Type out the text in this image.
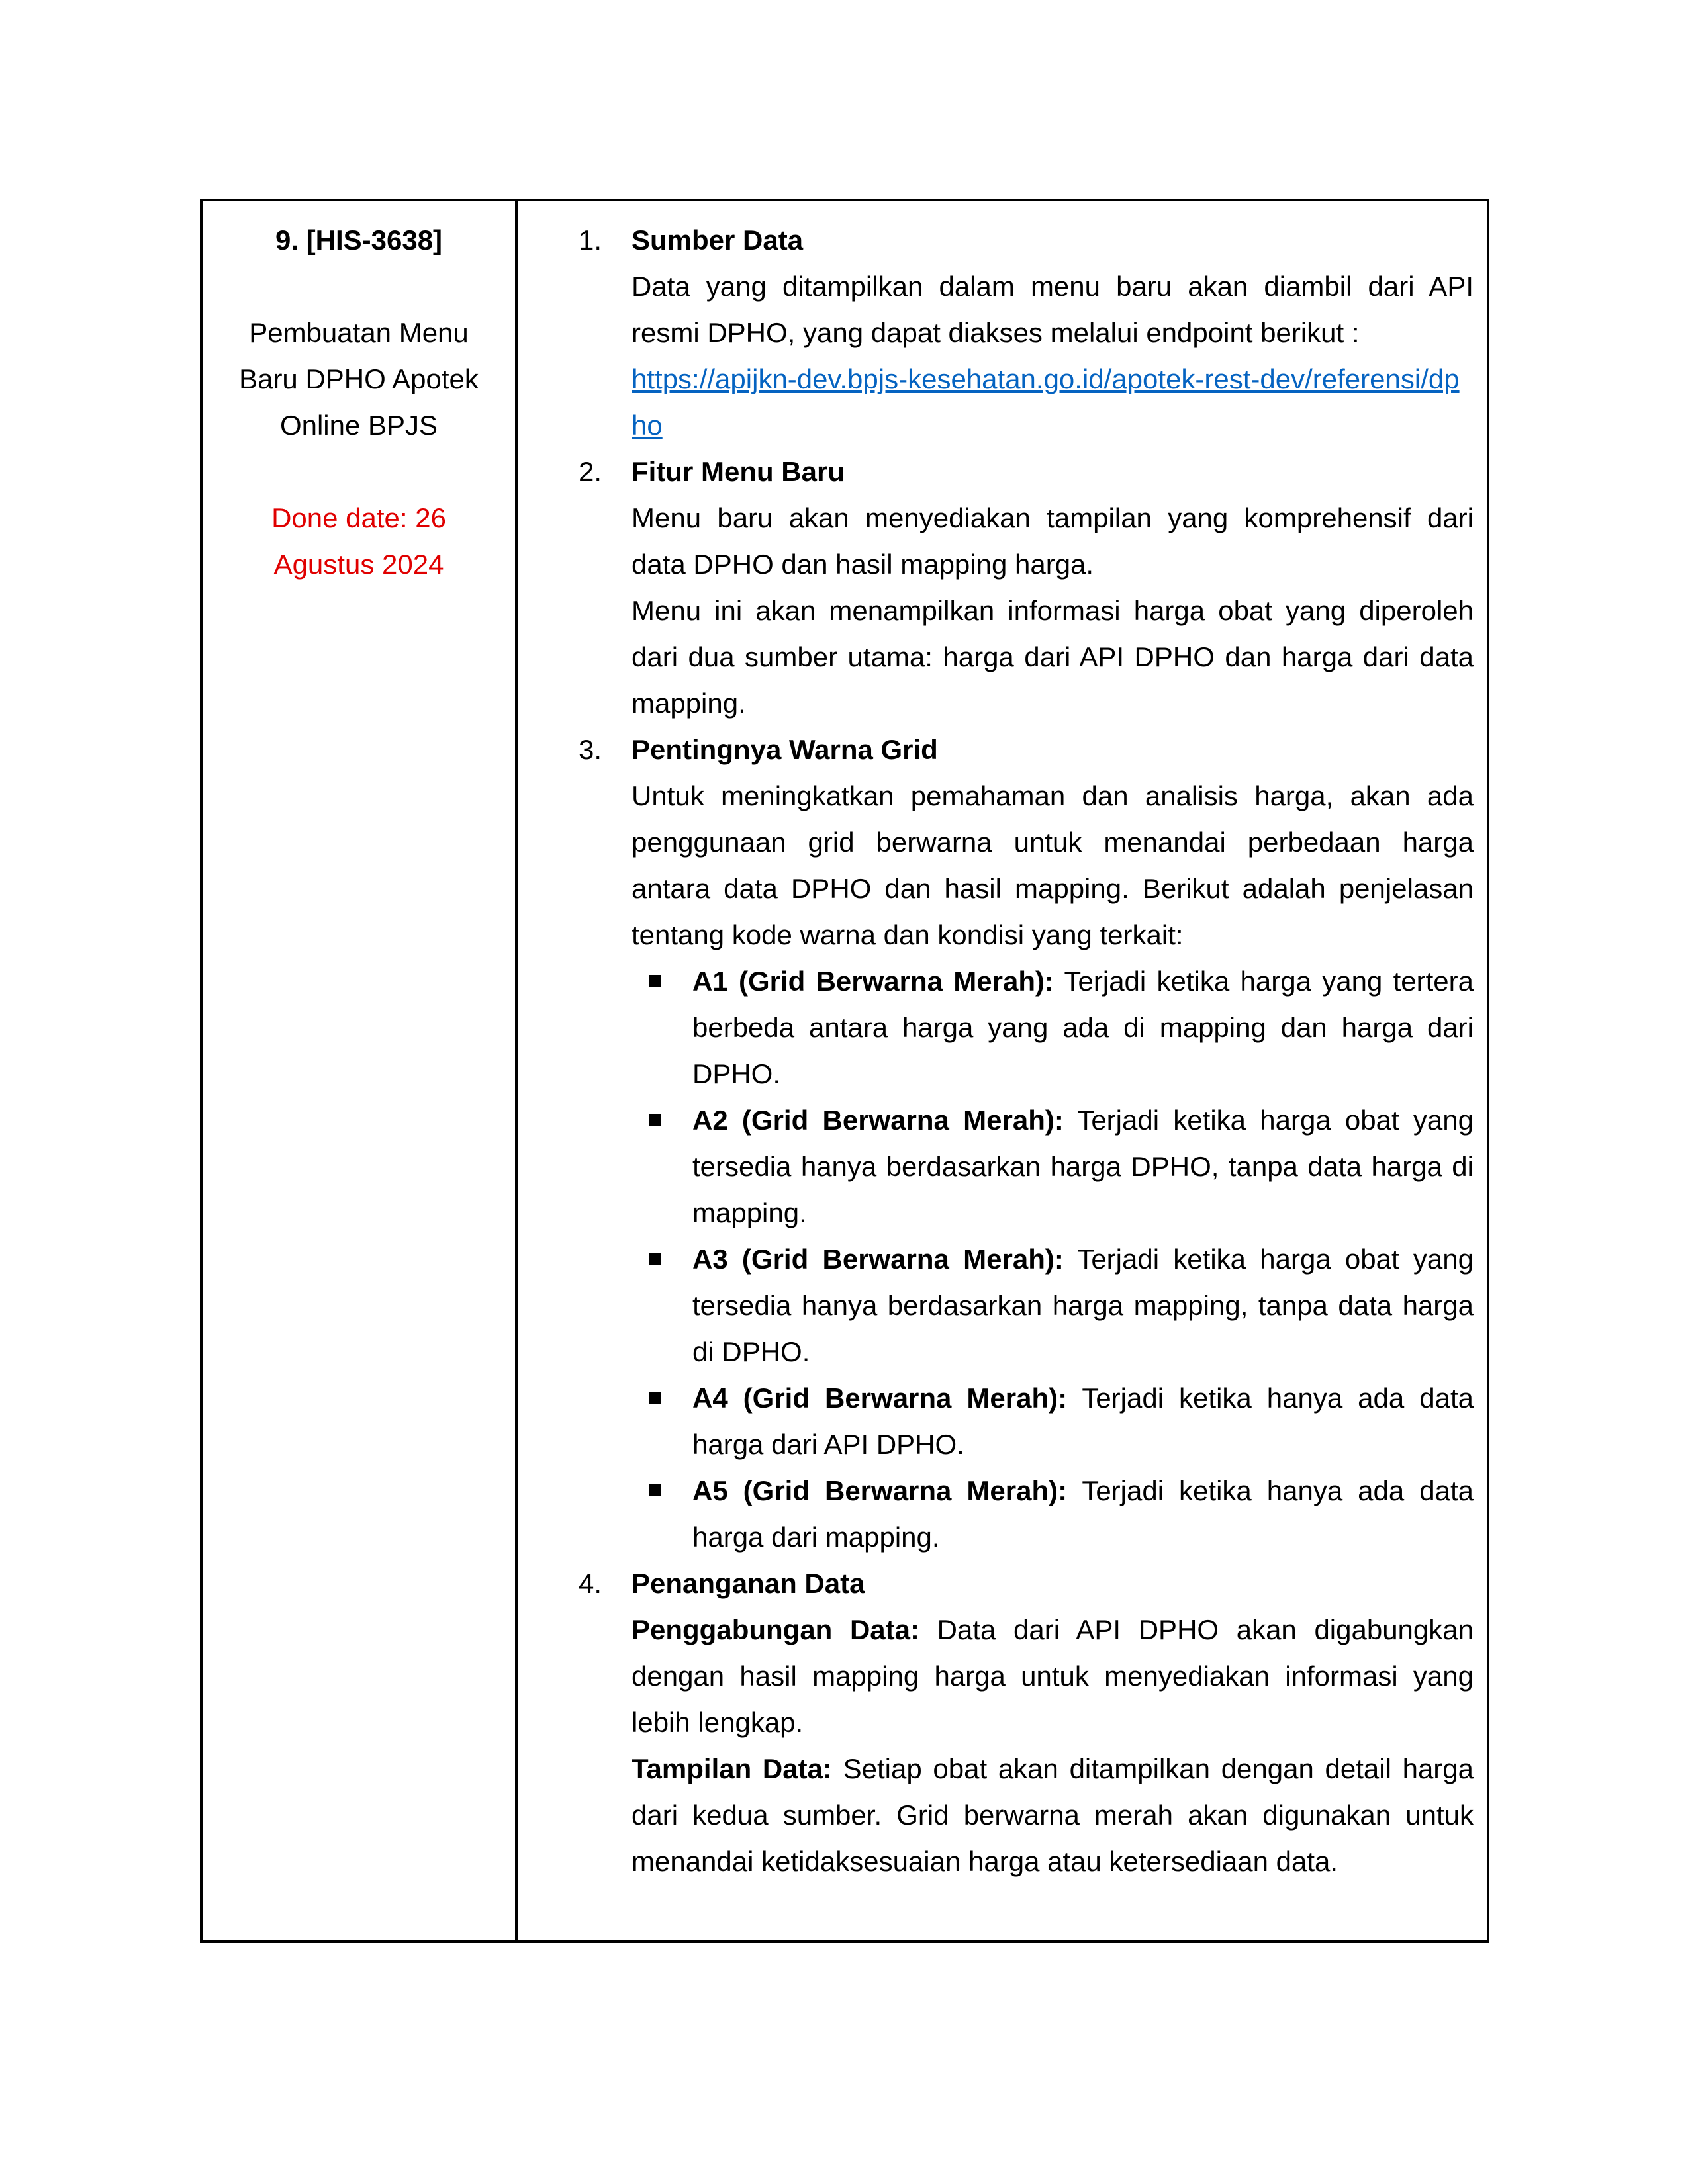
9. [HIS-3638]

Pembuatan Menu Baru DPHO Apotek Online BPJS

Done date: 26 Agustus 2024

1. Sumber Data
Data yang ditampilkan dalam menu baru akan diambil dari API resmi DPHO, yang dapat diakses melalui endpoint berikut :
https://apijkn-dev.bpjs-kesehatan.go.id/apotek-rest-dev/referensi/dpho
2. Fitur Menu Baru
Menu baru akan menyediakan tampilan yang komprehensif dari data DPHO dan hasil mapping harga.
Menu ini akan menampilkan informasi harga obat yang diperoleh dari dua sumber utama: harga dari API DPHO dan harga dari data mapping.
3. Pentingnya Warna Grid
Untuk meningkatkan pemahaman dan analisis harga, akan ada penggunaan grid berwarna untuk menandai perbedaan harga antara data DPHO dan hasil mapping. Berikut adalah penjelasan tentang kode warna dan kondisi yang terkait:
A1 (Grid Berwarna Merah): Terjadi ketika harga yang tertera berbeda antara harga yang ada di mapping dan harga dari DPHO.
A2 (Grid Berwarna Merah): Terjadi ketika harga obat yang tersedia hanya berdasarkan harga DPHO, tanpa data harga di mapping.
A3 (Grid Berwarna Merah): Terjadi ketika harga obat yang tersedia hanya berdasarkan harga mapping, tanpa data harga di DPHO.
A4 (Grid Berwarna Merah): Terjadi ketika hanya ada data harga dari API DPHO.
A5 (Grid Berwarna Merah): Terjadi ketika hanya ada data harga dari mapping.
4. Penanganan Data
Penggabungan Data: Data dari API DPHO akan digabungkan dengan hasil mapping harga untuk menyediakan informasi yang lebih lengkap.
Tampilan Data: Setiap obat akan ditampilkan dengan detail harga dari kedua sumber. Grid berwarna merah akan digunakan untuk menandai ketidaksesuaian harga atau ketersediaan data.
